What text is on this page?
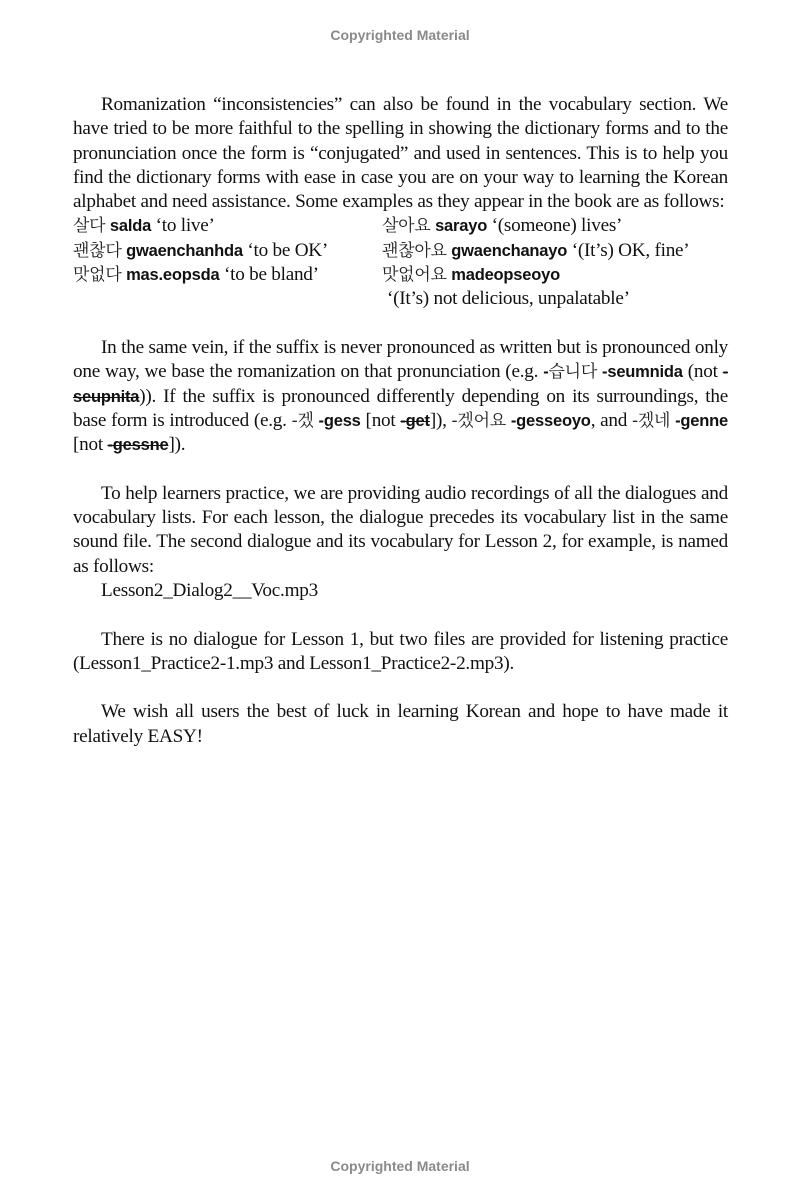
Copyrighted Material

Romanization “inconsistencies” can also be found in the vocabulary section. We have tried to be more faithful to the spelling in showing the dictionary forms and to the pronunciation once the form is “conjugated” and used in sentences. This is to help you find the dictionary forms with ease in case you are on your way to learning the Korean alphabet and need assistance. Some examples as they appear in the book are as follows:

살다 salda ‘to live’	살아요 sarayo ‘(someone) lives’
괜찮다 gwaenchanhda ‘to be OK’	괜찮아요 gwaenchanayo ‘(It’s) OK, fine’
맛없다 mas.eopsda ‘to be bland’	맛없어요 madeopseoyo
‘(It’s) not delicious, unpalatable’

In the same vein, if the suffix is never pronounced as written but is pronounced only one way, we base the romanization on that pronunciation (e.g. -습니다 -seumnida (not -seupnita)). If the suffix is pronounced differently depending on its surroundings, the base form is introduced (e.g. -겠 -gess [not -get]), -겠어요 -gesseoyo, and -겠네 -genne [not -gessne]).

To help learners practice, we are providing audio recordings of all the dialogues and vocabulary lists. For each lesson, the dialogue precedes its vocabulary list in the same sound file. The second dialogue and its vocabulary for Lesson 2, for example, is named as follows:

Lesson2_Dialog2__Voc.mp3

There is no dialogue for Lesson 1, but two files are provided for listening practice (Lesson1_Practice2-1.mp3 and Lesson1_Practice2-2.mp3).

We wish all users the best of luck in learning Korean and hope to have made it relatively EASY!

Copyrighted Material
